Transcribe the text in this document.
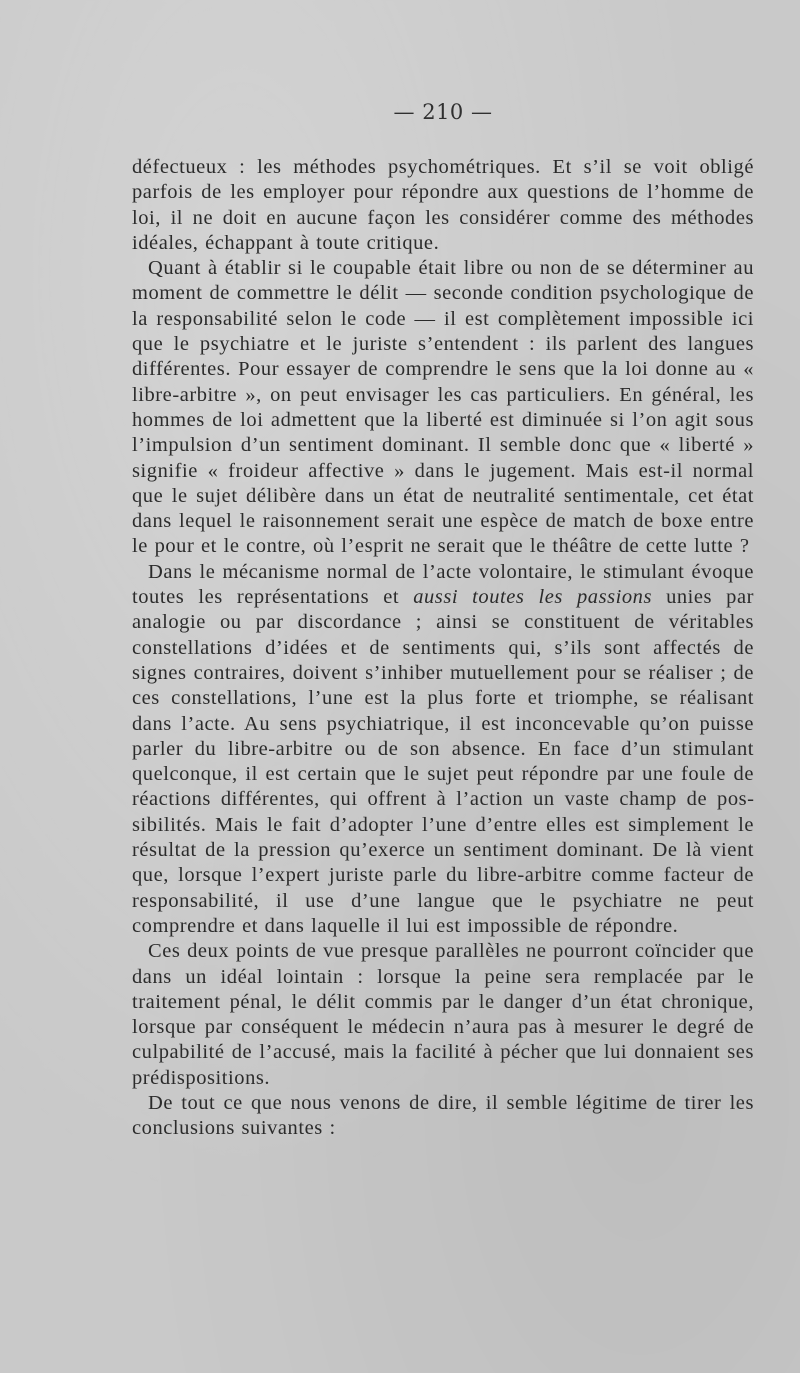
— 210 —

défectueux : les méthodes psychométriques. Et s’il se voit obligé parfois de les employer pour répondre aux questions de l’homme de loi, il ne doit en aucune façon les considérer comme des méthodes idéales, échappant à toute critique.

Quant à établir si le coupable était libre ou non de se déterminer au moment de commettre le délit — seconde condition psychologique de la responsabilité selon le code — il est complètement impossible ici que le psychiatre et le juriste s’entendent : ils parlent des langues différentes. Pour essayer de comprendre le sens que la loi donne au « libre-arbitre », on peut envisager les cas particuliers. En général, les hommes de loi admettent que la liberté est diminuée si l’on agit sous l’impulsion d’un sentiment dominant. Il semble donc que « liberté » signifie « froideur affective » dans le jugement. Mais est-il normal que le sujet délibère dans un état de neutralité sentimentale, cet état dans lequel le raisonnement serait une espèce de match de boxe entre le pour et le contre, où l’esprit ne serait que le théâtre de cette lutte ?

Dans le mécanisme normal de l’acte volontaire, le stimulant évoque toutes les représentations et aussi toutes les passions unies par analogie ou par discordance ; ainsi se constituent de véritables constellations d’idées et de sentiments qui, s’ils sont affectés de signes contraires, doivent s’inhiber mutuellement pour se réaliser ; de ces constellations, l’une est la plus forte et triomphe, se réalisant dans l’acte. Au sens psychiatrique, il est inconcevable qu’on puisse parler du libre-arbitre ou de son absence. En face d’un stimulant quelconque, il est certain que le sujet peut répondre par une foule de réactions différentes, qui offrent à l’action un vaste champ de possibilités. Mais le fait d’adopter l’une d’entre elles est simplement le résultat de la pression qu’exerce un sentiment dominant. De là vient que, lorsque l’expert juriste parle du libre-arbitre comme facteur de responsabilité, il use d’une langue que le psychiatre ne peut comprendre et dans laquelle il lui est impossible de répondre.

Ces deux points de vue presque parallèles ne pourront coïncider que dans un idéal lointain : lorsque la peine sera remplacée par le traitement pénal, le délit commis par le danger d’un état chronique, lorsque par conséquent le médecin n’aura pas à mesurer le degré de culpabilité de l’accusé, mais la facilité à pécher que lui donnaient ses prédispositions.

De tout ce que nous venons de dire, il semble légitime de tirer les conclusions suivantes :
